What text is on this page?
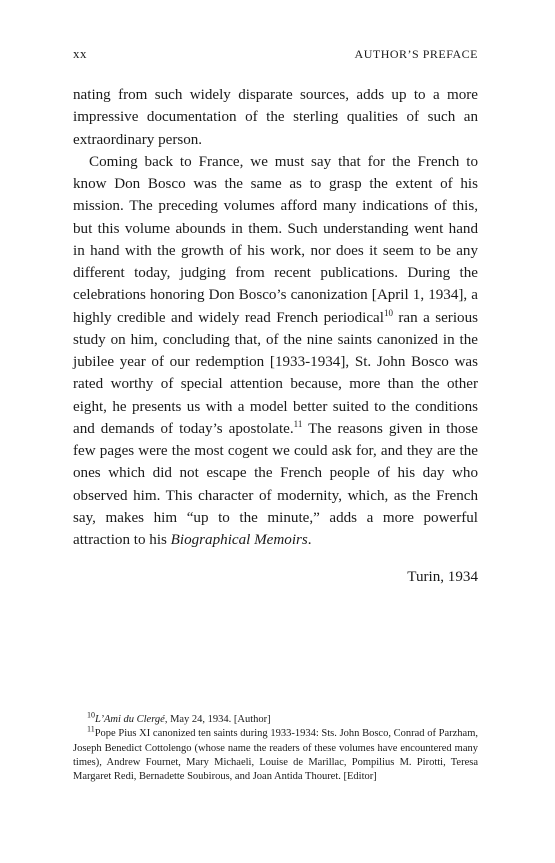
xx	AUTHOR’S PREFACE

nating from such widely disparate sources, adds up to a more impressive documentation of the sterling qualities of such an extraordinary person.

Coming back to France, we must say that for the French to know Don Bosco was the same as to grasp the extent of his mission. The preceding volumes afford many indications of this, but this volume abounds in them. Such understanding went hand in hand with the growth of his work, nor does it seem to be any different today, judging from recent publications. During the celebrations honoring Don Bosco’s canonization [April 1, 1934], a highly credible and widely read French periodical$^{10}$ ran a serious study on him, concluding that, of the nine saints canonized in the jubilee year of our redemption [1933-1934], St. John Bosco was rated worthy of special attention because, more than the other eight, he presents us with a model better suited to the conditions and demands of today’s apostolate.$^{11}$ The reasons given in those few pages were the most cogent we could ask for, and they are the ones which did not escape the French people of his day who observed him. This character of modernity, which, as the French say, makes him “up to the minute,” adds a more powerful attraction to his Biographical Memoirs.

Turin, 1934

$^{10}$L’Ami du Clergé, May 24, 1934. [Author]

$^{11}$Pope Pius XI canonized ten saints during 1933-1934: Sts. John Bosco, Conrad of Parzham, Joseph Benedict Cottolengo (whose name the readers of these volumes have encountered many times), Andrew Fournet, Mary Michaeli, Louise de Marillac, Pompilius M. Pirotti, Teresa Margaret Redi, Bernadette Soubirous, and Joan Antida Thouret. [Editor]
